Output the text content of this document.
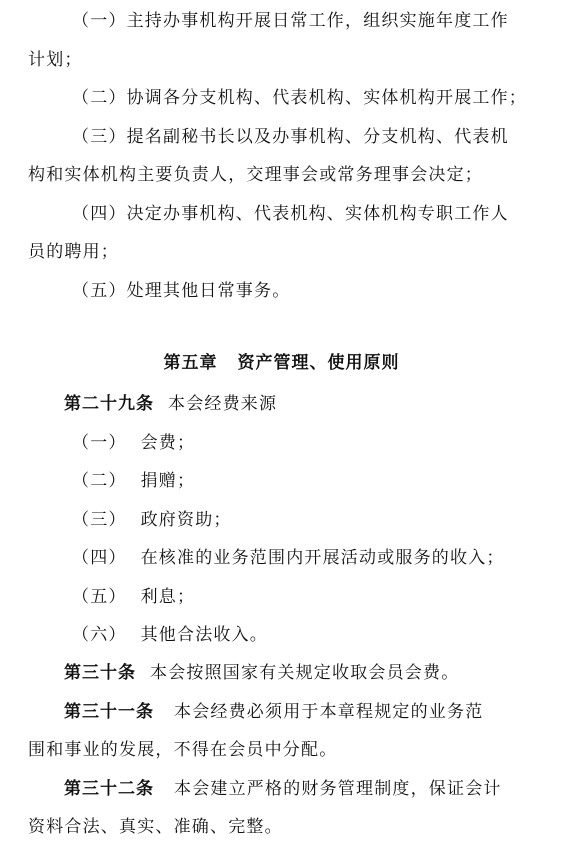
（一）主持办事机构开展日常工作，组织实施年度工作
计划；
（二）协调各分支机构、代表机构、实体机构开展工作；
（三）提名副秘书长以及办事机构、分支机构、代表机
构和实体机构主要负责人，交理事会或常务理事会决定；
（四）决定办事机构、代表机构、实体机构专职工作人
员的聘用；
（五）处理其他日常事务。
第五章 资产管理、使用原则
第二十九条 本会经费来源
（一） 会费；
（二） 捐赠；
（三） 政府资助；
（四） 在核准的业务范围内开展活动或服务的收入；
（五） 利息；
（六） 其他合法收入。
第三十条 本会按照国家有关规定收取会员会费。
第三十一条 本会经费必须用于本章程规定的业务范
围和事业的发展，不得在会员中分配。
第三十二条 本会建立严格的财务管理制度，保证会计
资料合法、真实、准确、完整。
